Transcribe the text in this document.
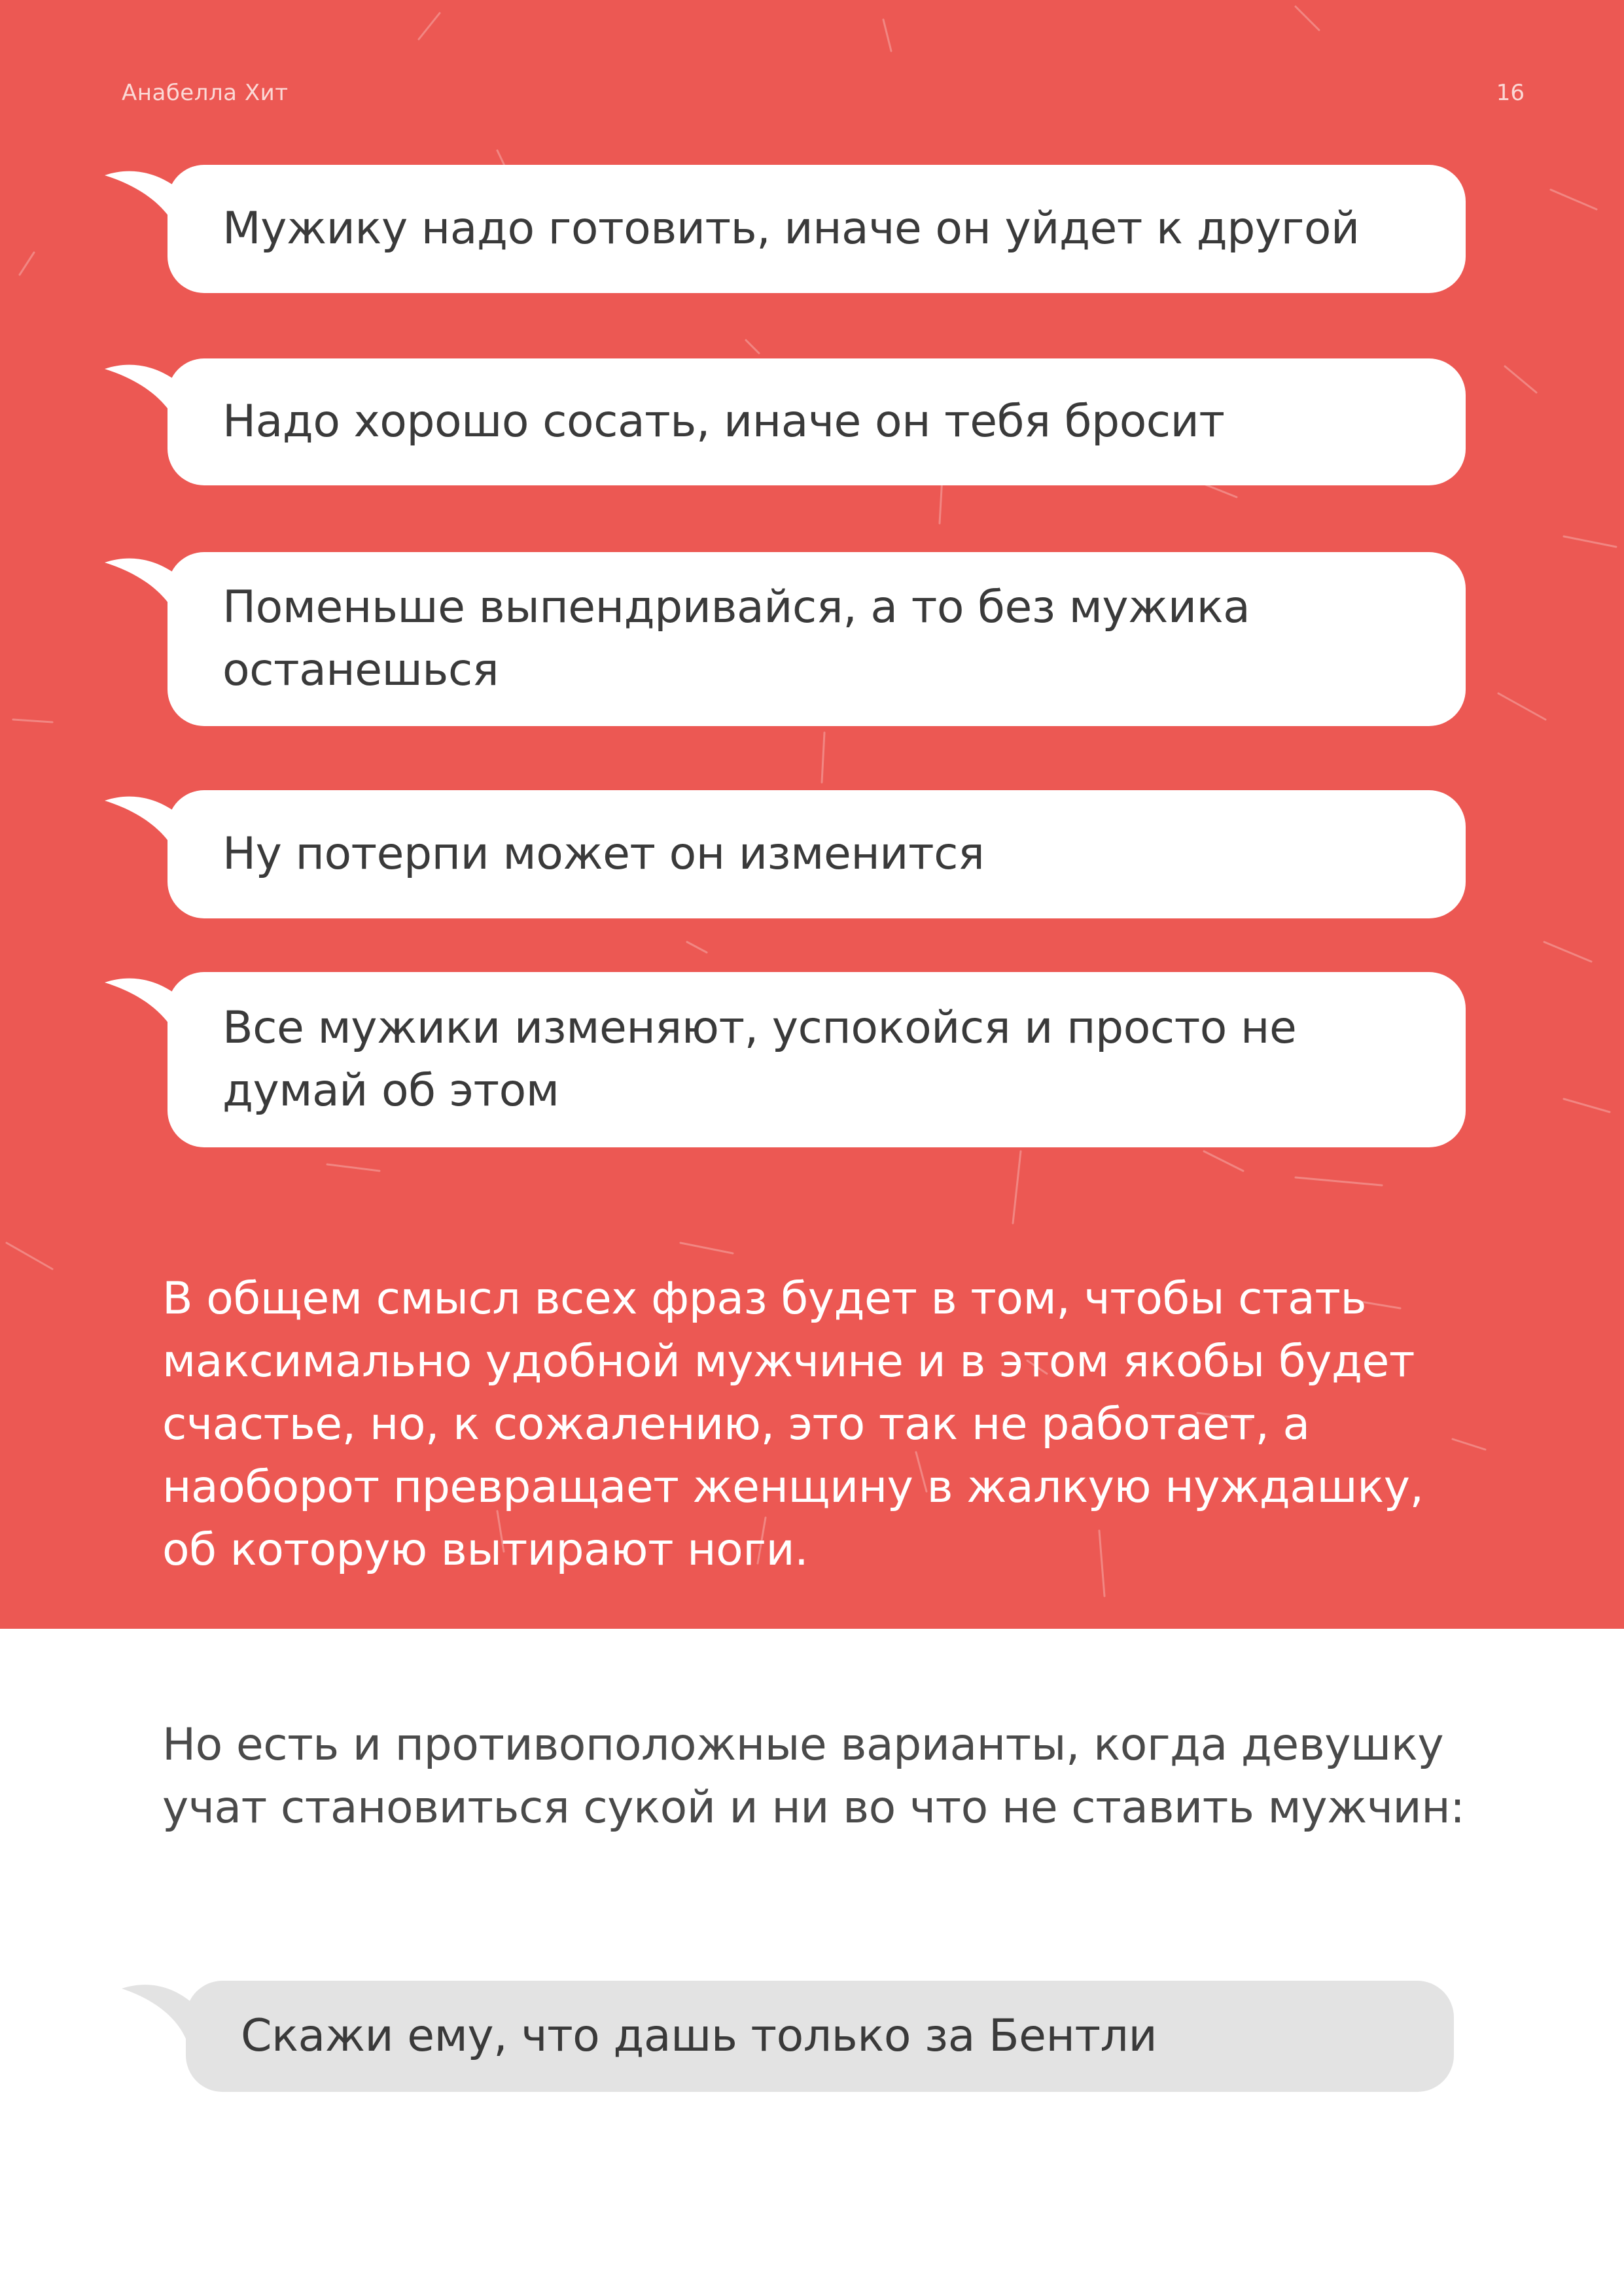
Анабелла Хит	16
Мужику надо готовить, иначе он уйдет к другой
Надо хорошо сосать, иначе он тебя бросит
Поменьше выпендривайся, а то без мужика останешься
Ну потерпи может он изменится
Все мужики изменяют, успокойся и просто не думай об этом
В общем смысл всех фраз будет в том, чтобы стать максимально удобной мужчине и в этом якобы будет счастье, но, к сожалению, это так не работает, а наоборот превращает женщину в жалкую нуждашку, об которую вытирают ноги.
Но есть и противоположные варианты, когда девушку учат становиться сукой и ни во что не ставить мужчин:
Скажи ему, что дашь только за Бентли
